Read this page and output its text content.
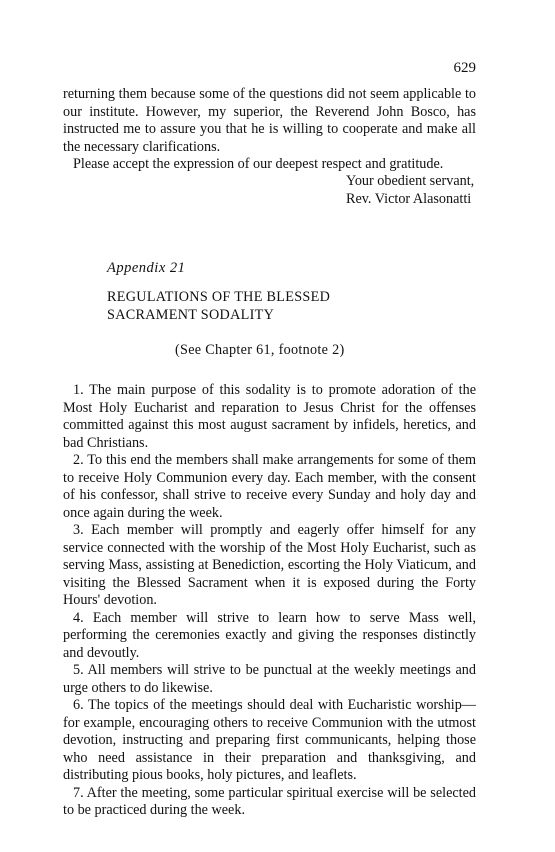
629

returning them because some of the questions did not seem applicable to our institute. However, my superior, the Reverend John Bosco, has instructed me to assure you that he is willing to cooperate and make all the necessary clarifications.

Please accept the expression of our deepest respect and gratitude.

Your obedient servant,
Rev. Victor Alasonatti
Appendix 21
REGULATIONS OF THE BLESSED
SACRAMENT SODALITY
(See Chapter 61, footnote 2)

1. The main purpose of this sodality is to promote adoration of the Most Holy Eucharist and reparation to Jesus Christ for the offenses committed against this most august sacrament by infidels, heretics, and bad Christians.

2. To this end the members shall make arrangements for some of them to receive Holy Communion every day. Each member, with the consent of his confessor, shall strive to receive every Sunday and holy day and once again during the week.

3. Each member will promptly and eagerly offer himself for any service connected with the worship of the Most Holy Eucharist, such as serving Mass, assisting at Benediction, escorting the Holy Viaticum, and visiting the Blessed Sacrament when it is exposed during the Forty Hours' devotion.

4. Each member will strive to learn how to serve Mass well, performing the ceremonies exactly and giving the responses distinctly and devoutly.

5. All members will strive to be punctual at the weekly meetings and urge others to do likewise.

6. The topics of the meetings should deal with Eucharistic worship—for example, encouraging others to receive Communion with the utmost devotion, instructing and preparing first communicants, helping those who need assistance in their preparation and thanksgiving, and distributing pious books, holy pictures, and leaflets.

7. After the meeting, some particular spiritual exercise will be selected to be practiced during the week.
